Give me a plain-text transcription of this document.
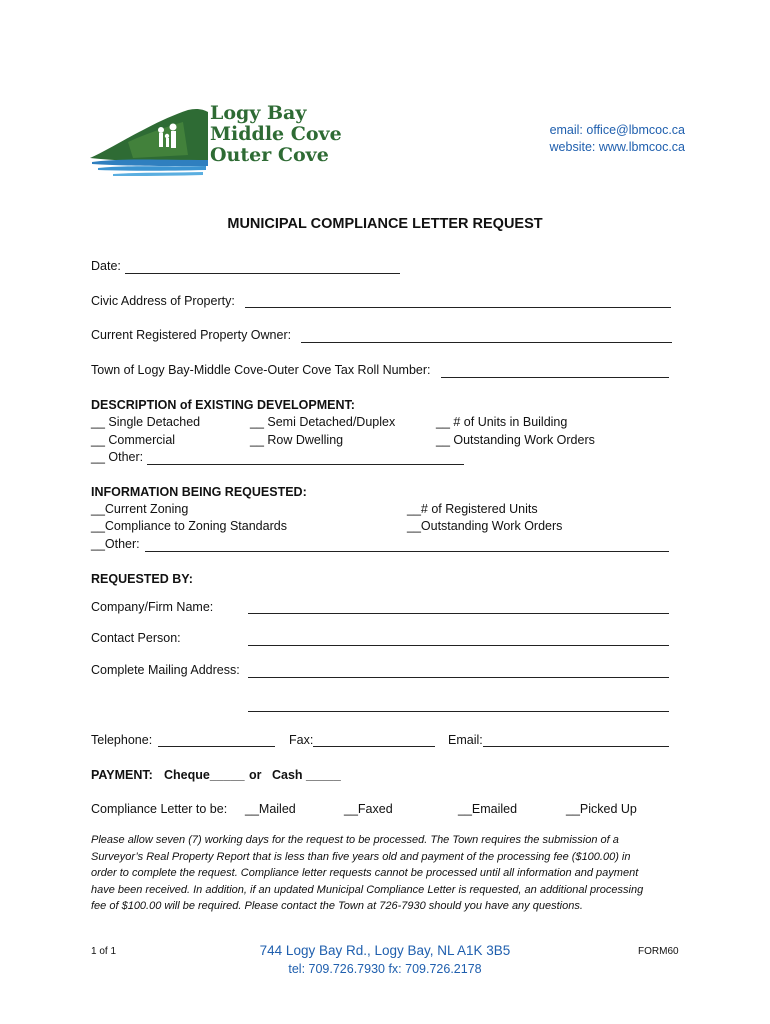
Logy Bay
Middle Cove
Outer Cove
email: office@lbmcoc.ca
website: www.lbmcoc.ca
MUNICIPAL COMPLIANCE LETTER REQUEST
Date:
Civic Address of Property:
Current Registered Property Owner:
Town of Logy Bay-Middle Cove-Outer Cove Tax Roll Number:
DESCRIPTION of EXISTING DEVELOPMENT:
__ Single Detached	__ Semi Detached/Duplex	__ # of Units in Building
__ Commercial	__ Row Dwelling	__ Outstanding Work Orders
__ Other:
INFORMATION BEING REQUESTED:
__Current Zoning	__# of Registered Units
__Compliance to Zoning Standards	__Outstanding Work Orders
__Other:
REQUESTED BY:
Company/Firm Name:
Contact Person:
Complete Mailing Address:
Telephone:	Fax:	Email:
PAYMENT: Cheque_____ or Cash _____
Compliance Letter to be: __Mailed	__Faxed	__Emailed	__Picked Up
Please allow seven (7) working days for the request to be processed. The Town requires the submission of a Surveyor’s Real Property Report that is less than five years old and payment of the processing fee ($100.00) in order to complete the request. Compliance letter requests cannot be processed until all information and payment have been received. In addition, if an updated Municipal Compliance Letter is requested, an additional processing fee of $100.00 will be required. Please contact the Town at 726-7930 should you have any questions.
1 of 1	744 Logy Bay Rd., Logy Bay, NL A1K 3B5
tel: 709.726.7930 fx: 709.726.2178
FORM60
